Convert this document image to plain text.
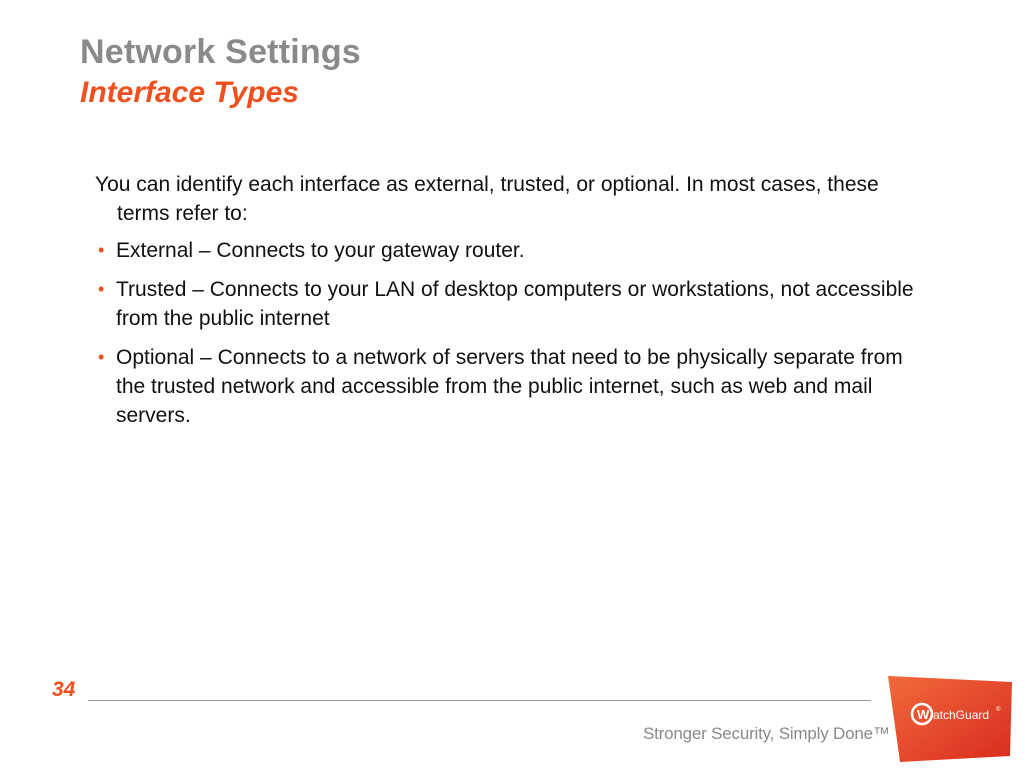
Network Settings
Interface Types

You can identify each interface as external, trusted, or optional. In most cases, these terms refer to:

• External – Connects to your gateway router.
• Trusted – Connects to your LAN of desktop computers or workstations, not accessible from the public internet
• Optional – Connects to a network of servers that need to be physically separate from the trusted network and accessible from the public internet, such as web and mail servers.
34
Stronger Security, Simply Done™
W atchGuard ®
